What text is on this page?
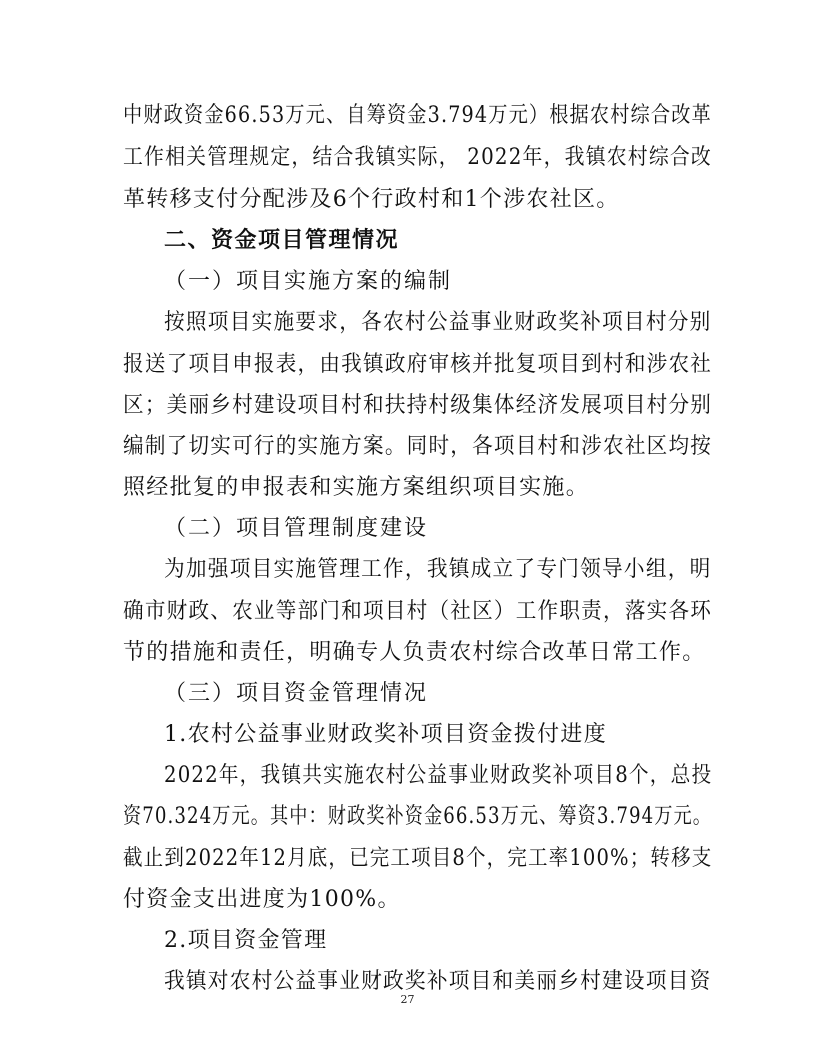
中财政资金66.53万元、自筹资金3.794万元）根据农村综合改革
工作相关管理规定，结合我镇实际， 2022年，我镇农村综合改
革转移支付分配涉及6个行政村和1个涉农社区。
二、资金项目管理情况
（一）项目实施方案的编制
按照项目实施要求，各农村公益事业财政奖补项目村分别
报送了项目申报表，由我镇政府审核并批复项目到村和涉农社
区；美丽乡村建设项目村和扶持村级集体经济发展项目村分别
编制了切实可行的实施方案。同时，各项目村和涉农社区均按
照经批复的申报表和实施方案组织项目实施。
（二）项目管理制度建设
为加强项目实施管理工作，我镇成立了专门领导小组，明
确市财政、农业等部门和项目村（社区）工作职责，落实各环
节的措施和责任，明确专人负责农村综合改革日常工作。
（三）项目资金管理情况
1.农村公益事业财政奖补项目资金拨付进度
2022年，我镇共实施农村公益事业财政奖补项目8个，总投
资70.324万元。其中：财政奖补资金66.53万元、筹资3.794万元。
截止到2022年12月底，已完工项目8个，完工率100%；转移支
付资金支出进度为100%。
2.项目资金管理
我镇对农村公益事业财政奖补项目和美丽乡村建设项目资
27
